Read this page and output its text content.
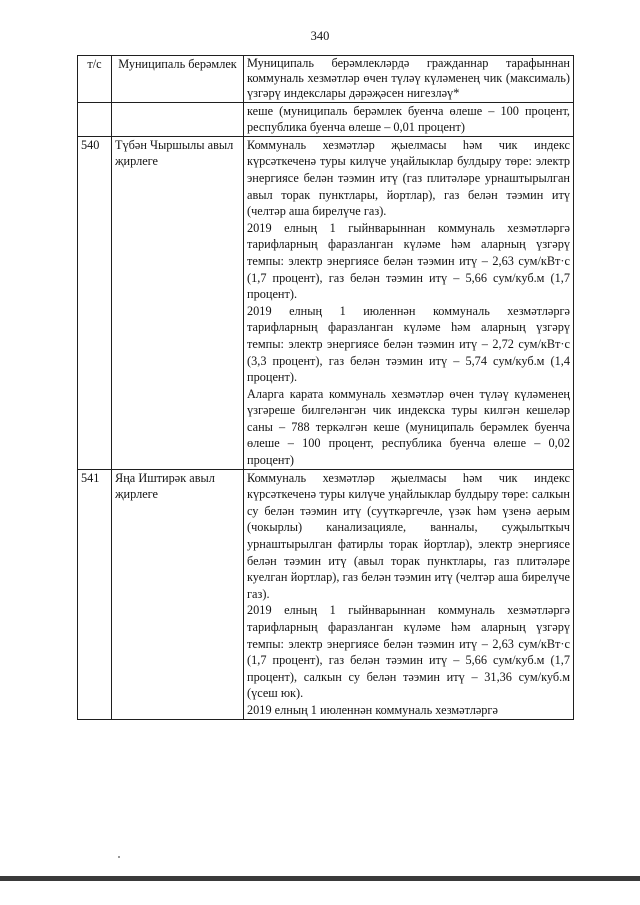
340
т/с	Муниципаль берәмлек	Муниципаль берәмлекләрдә гражданнар тарафыннан коммуналь хезмәтләр өчен түләү күләменең чик (максималь) үзгәрү индекслары дәрәҗәсен нигезләү*

		кеше (муниципаль берәмлек буенча өлеше – 100 процент, республика буенча өлеше – 0,01 процент)

540	Түбән Чыршылы авыл җирлеге	Коммуналь хезмәтләр җыелмасы һәм чик индекс күрсәткеченә туры килүче уңайлыклар булдыру төре: электр энергиясе белән тәэмин итү (газ плитәләре урнаштырылган авыл торак пунктлары, йортлар), газ белән тәэмин итү (челтәр аша бирелүче газ).
2019 елның 1 гыйнварыннан коммуналь хезмәтләргә тарифларның фаразланган күләме һәм аларның үзгәрү темпы: электр энергиясе белән тәэмин итү – 2,63 сум/кВт·с (1,7 процент), газ белән тәэмин итү – 5,66 сум/куб.м (1,7 процент).
2019 елның 1 июленнән коммуналь хезмәтләргә тарифларның фаразланган күләме һәм аларның үзгәрү темпы: электр энергиясе белән тәэмин итү – 2,72 сум/кВт·с (3,3 процент), газ белән тәэмин итү – 5,74 сум/куб.м (1,4 процент).
Аларга карата коммуналь хезмәтләр өчен түләү күләменең үзгәреше билгеләнгән чик индекска туры килгән кешеләр саны – 788 теркәлгән кеше (муниципаль берәмлек буенча өлеше – 100 процент, республика буенча өлеше – 0,02 процент)

541	Яңа Иштирәк авыл җирлеге	Коммуналь хезмәтләр җыелмасы һәм чик индекс күрсәткеченә туры килүче уңайлыклар булдыру төре: салкын су белән тәэмин итү (суүткәргечле, үзәк һәм үзенә аерым (чокырлы) канализацияле, ванналы, суҗылыткыч урнаштырылган фатирлы торак йортлар), электр энергиясе белән тәэмин итү (авыл торак пунктлары, газ плитәләре куелган йортлар), газ белән тәэмин итү (челтәр аша бирелүче газ).
2019 елның 1 гыйнварыннан коммуналь хезмәтләргә тарифларның фаразланган күләме һәм аларның үзгәрү темпы: электр энергиясе белән тәэмин итү – 2,63 сум/кВт·с (1,7 процент), газ белән тәэмин итү – 5,66 сум/куб.м (1,7 процент), салкын су белән тәэмин итү – 31,36 сум/куб.м (үсеш юк).
2019 елның 1 июленнән коммуналь хезмәтләргә
